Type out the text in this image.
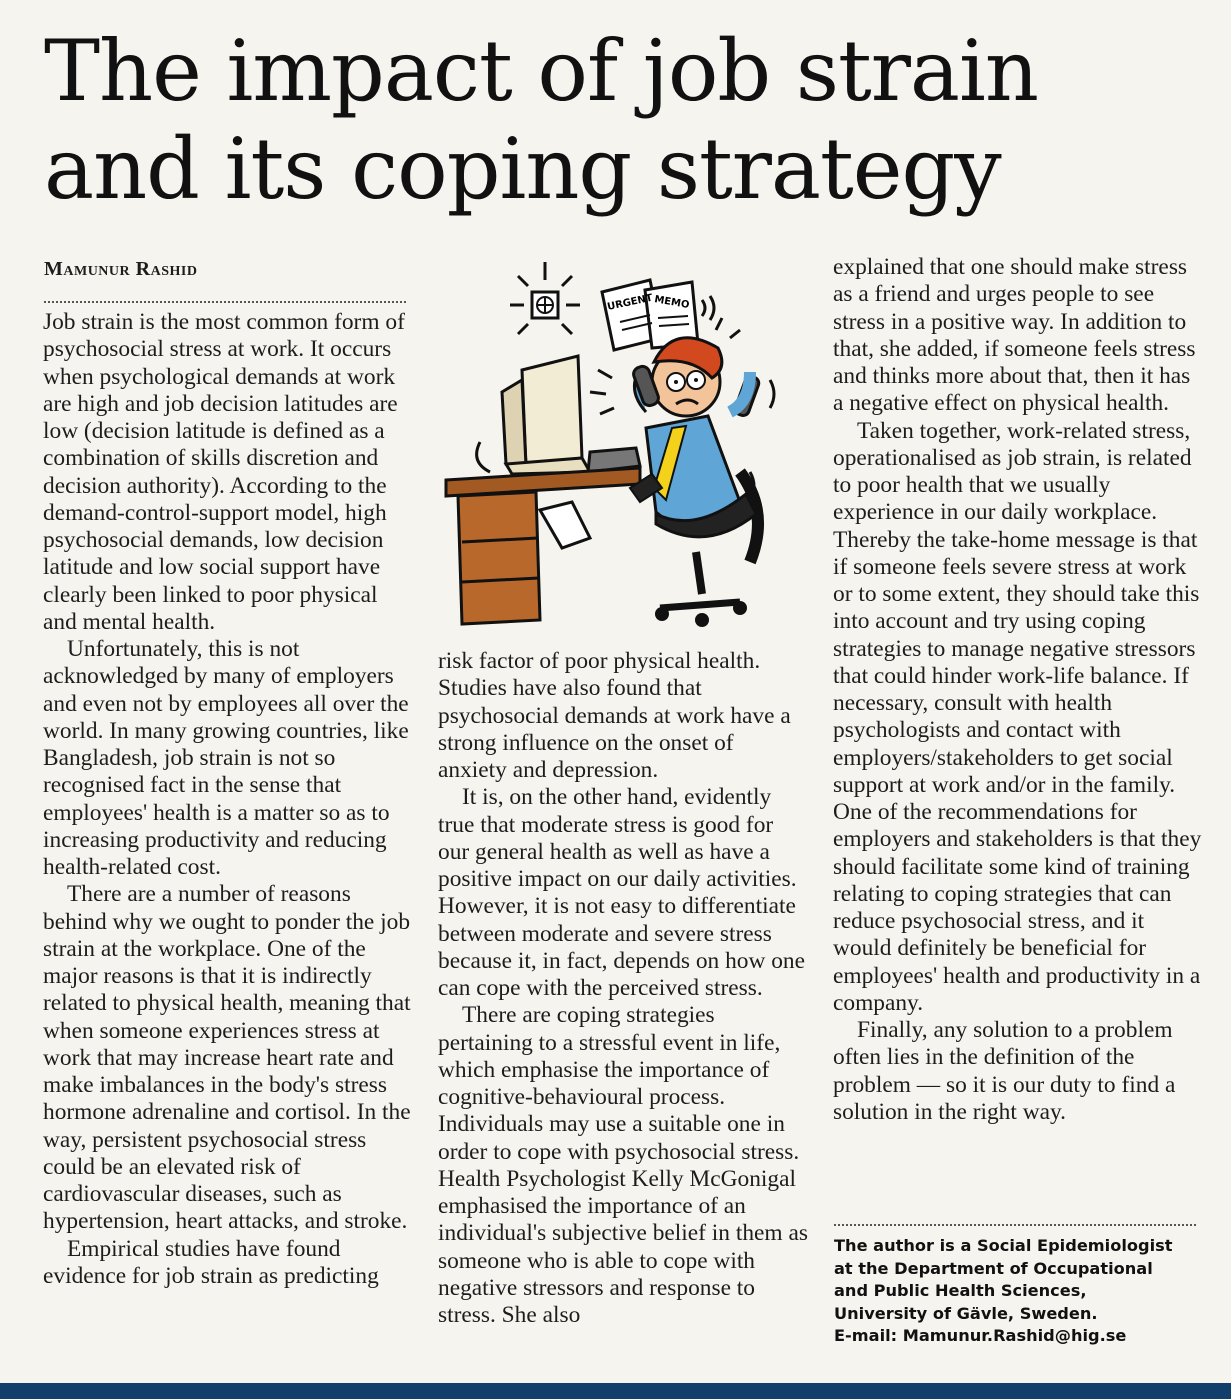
The impact of job strain and its coping strategy
Mamunur Rashid
URGENT MEMO

Job strain is the most common form of psychosocial stress at work. It occurs when psychological demands at work are high and job decision latitudes are low (decision latitude is defined as a combination of skills discretion and decision authority). According to the demand-control-support model, high psychosocial demands, low decision latitude and low social support have clearly been linked to poor physical and mental health.

Unfortunately, this is not acknowledged by many of employers and even not by employees all over the world. In many growing countries, like Bangladesh, job strain is not so recognised fact in the sense that employees' health is a matter so as to increasing productivity and reducing health-related cost.

There are a number of reasons behind why we ought to ponder the job strain at the workplace. One of the major reasons is that it is indirectly related to physical health, meaning that when someone experiences stress at work that may increase heart rate and make imbalances in the body's stress hormone adrenaline and cortisol. In the way, persistent psychosocial stress could be an elevated risk of cardiovascular diseases, such as hypertension, heart attacks, and stroke.

Empirical studies have found evidence for job strain as predicting

risk factor of poor physical health. Studies have also found that psychosocial demands at work have a strong influence on the onset of anxiety and depression.

It is, on the other hand, evidently true that moderate stress is good for our general health as well as have a positive impact on our daily activities. However, it is not easy to differentiate between moderate and severe stress because it, in fact, depends on how one can cope with the perceived stress.

There are coping strategies pertaining to a stressful event in life, which emphasise the importance of cognitive-behavioural process. Individuals may use a suitable one in order to cope with psychosocial stress. Health Psychologist Kelly McGonigal emphasised the importance of an individual's subjective belief in them as someone who is able to cope with negative stressors and response to stress. She also

explained that one should make stress as a friend and urges people to see stress in a positive way. In addition to that, she added, if someone feels stress and thinks more about that, then it has a negative effect on physical health.

Taken together, work-related stress, operationalised as job strain, is related to poor health that we usually experience in our daily workplace. Thereby the take-home message is that if someone feels severe stress at work or to some extent, they should take this into account and try using coping strategies to manage negative stressors that could hinder work-life balance. If necessary, consult with health psychologists and contact with employers/stakeholders to get social support at work and/or in the family. One of the recommendations for employers and stakeholders is that they should facilitate some kind of training relating to coping strategies that can reduce psychosocial stress, and it would definitely be beneficial for employees' health and productivity in a company.

Finally, any solution to a problem often lies in the definition of the problem — so it is our duty to find a solution in the right way.

The author is a Social Epidemiologist
at the Department of Occupational
and Public Health Sciences,
University of Gävle, Sweden.
E-mail: Mamunur.Rashid@hig.se
